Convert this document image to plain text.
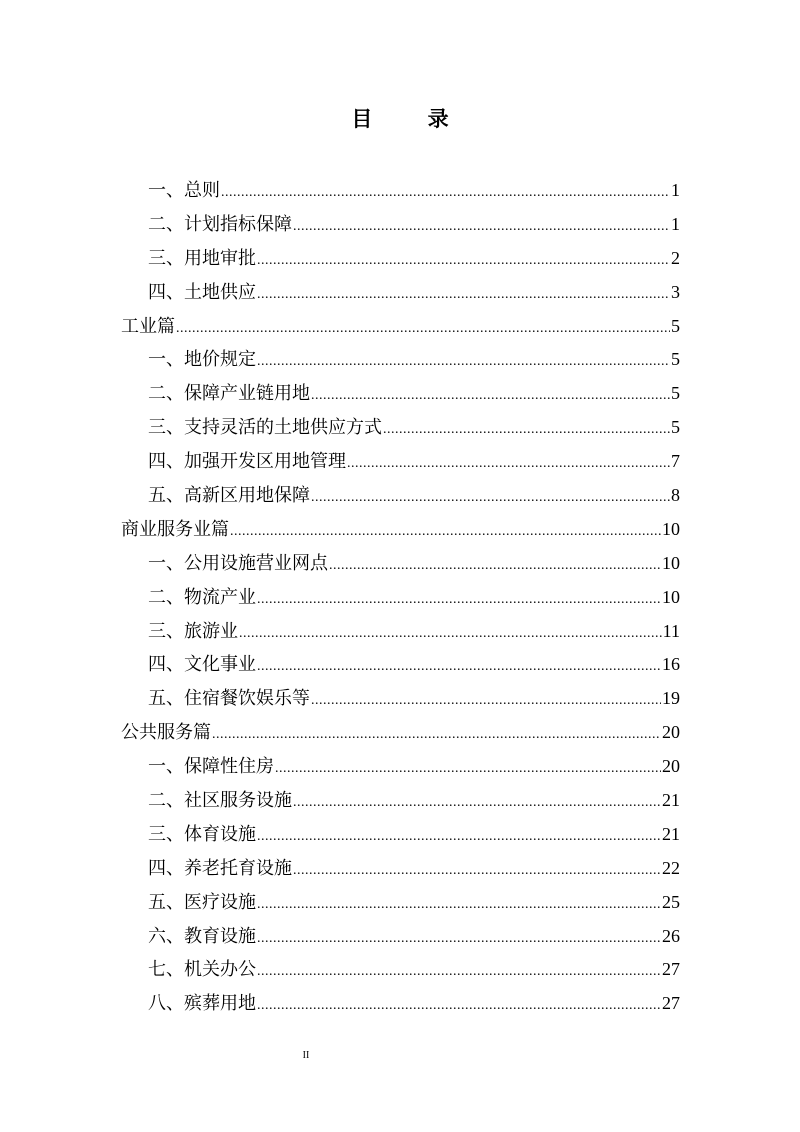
目 录
一、总则 .....	1
二、计划指标保障 .....	1
三、用地审批 .....	2
四、土地供应 .....	3
工业篇 .....	5
一、地价规定 .....	5
二、保障产业链用地 .....	5
三、支持灵活的土地供应方式 .....	5
四、加强开发区用地管理 .....	7
五、高新区用地保障 .....	8
商业服务业篇 .....	10
一、公用设施营业网点 .....	10
二、物流产业 .....	10
三、旅游业 .....	11
四、文化事业 .....	16
五、住宿餐饮娱乐等 .....	19
公共服务篇 .....	20
一、保障性住房 .....	20
二、社区服务设施 .....	21
三、体育设施 .....	21
四、养老托育设施 .....	22
五、医疗设施 .....	25
六、教育设施 .....	26
七、机关办公 .....	27
八、殡葬用地 .....	27
II
